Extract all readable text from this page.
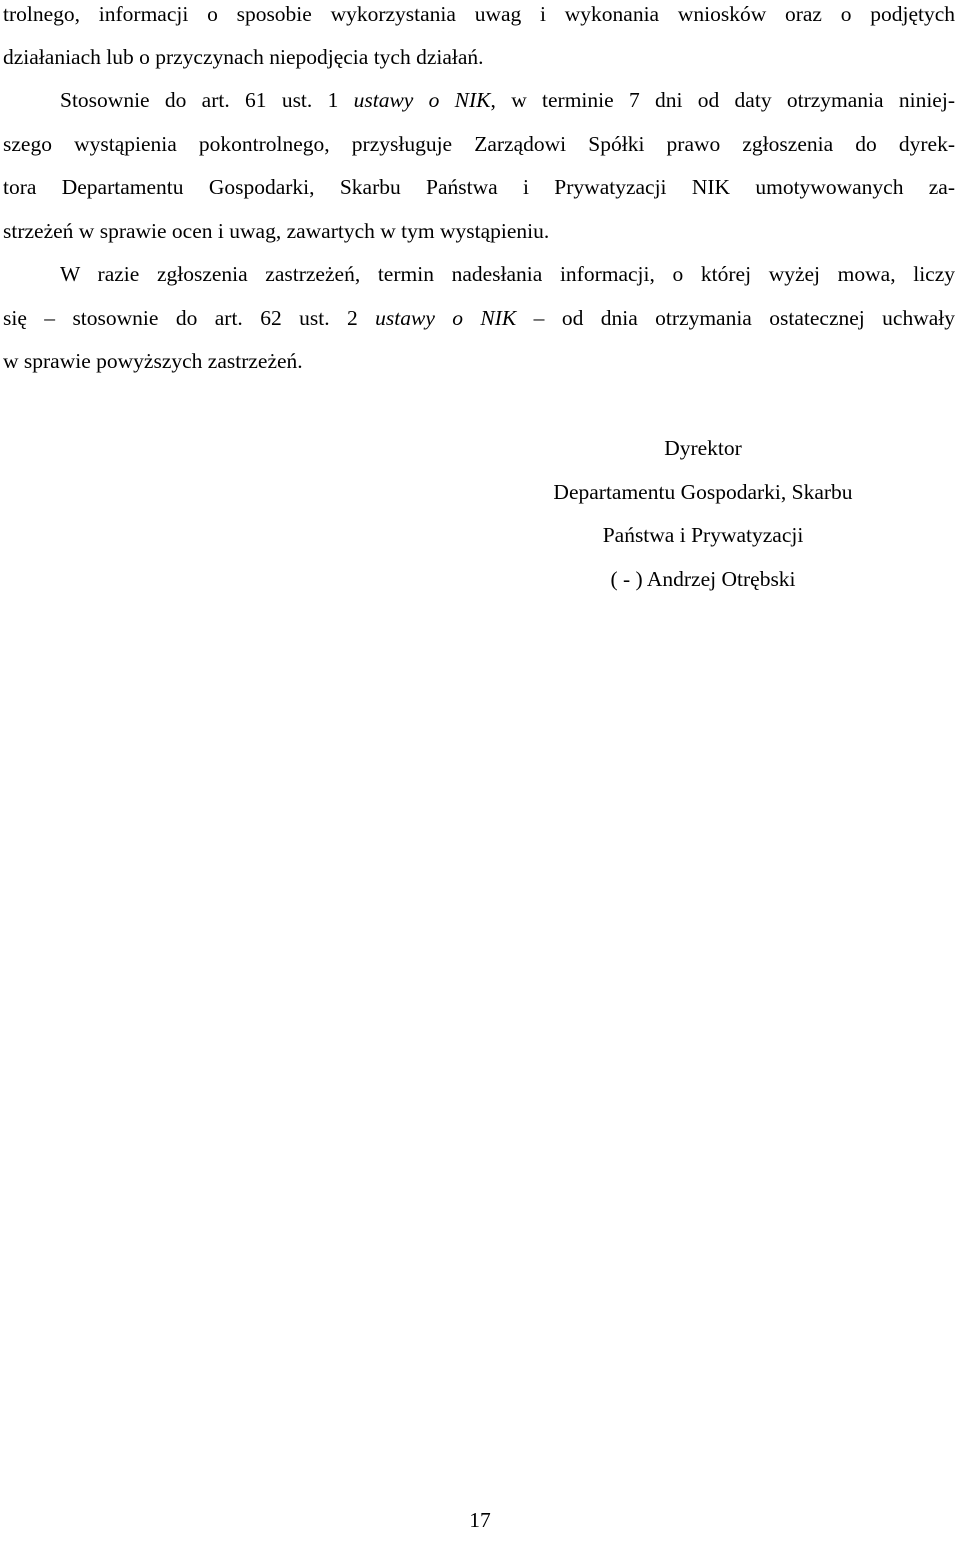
trolnego, informacji o sposobie wykorzystania uwag i wykonania wniosków oraz o podjętych
działaniach lub o przyczynach niepodjęcia tych działań.
Stosownie do art. 61 ust. 1 ustawy o NIK, w terminie 7 dni od daty otrzymania niniej-
szego wystąpienia pokontrolnego, przysługuje Zarządowi Spółki prawo zgłoszenia do dyrek-
tora Departamentu Gospodarki, Skarbu Państwa i Prywatyzacji NIK umotywowanych za-
strzeżeń w sprawie ocen i uwag, zawartych w tym wystąpieniu.
W razie zgłoszenia zastrzeżeń, termin nadesłania informacji, o której wyżej mowa, liczy
się – stosownie do art. 62 ust. 2 ustawy o NIK – od dnia otrzymania ostatecznej uchwały
w sprawie powyższych zastrzeżeń.
Dyrektor
Departamentu Gospodarki, Skarbu
Państwa i Prywatyzacji
( - ) Andrzej Otrębski
17
